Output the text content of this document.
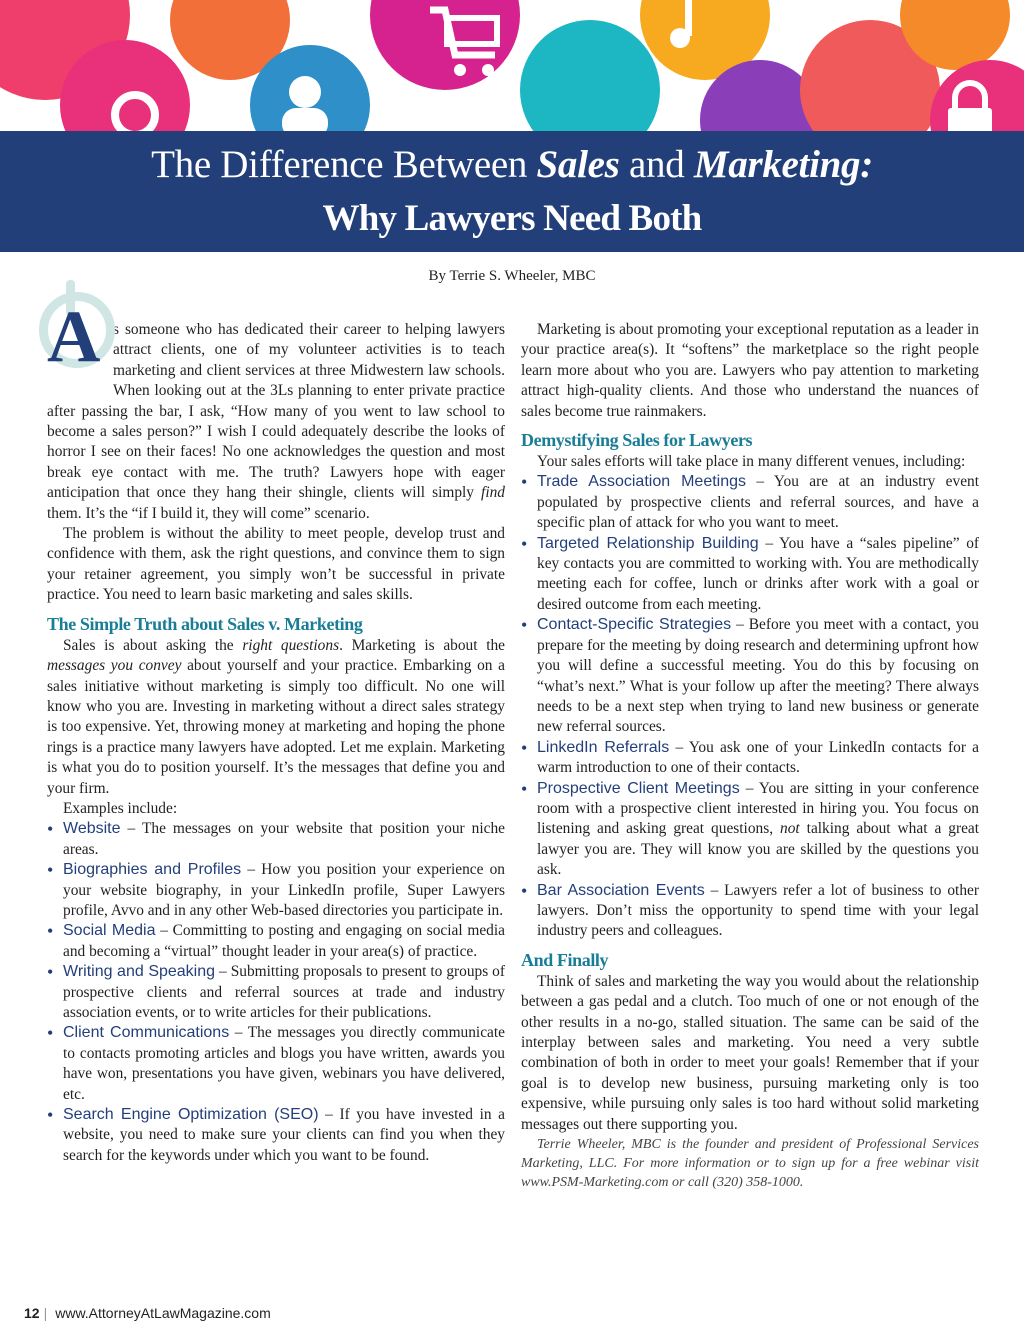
The Difference Between Sales and Marketing:
Why Lawyers Need Both
By Terrie S. Wheeler, MBC

A s someone who has dedicated their career to helping lawyers attract clients, one of my volunteer activities is to teach marketing and client services at three Midwestern law schools. When looking out at the 3Ls planning to enter private practice after passing the bar, I ask, “How many of you went to law school to become a sales person?” I wish I could adequately describe the looks of horror I see on their faces! No one acknowledges the question and most break eye contact with me. The truth? Lawyers hope with eager anticipation that once they hang their shingle, clients will simply find them. It’s the “if I build it, they will come” scenario.

The problem is without the ability to meet people, develop trust and confidence with them, ask the right questions, and convince them to sign your retainer agreement, you simply won’t be successful in private practice. You need to learn basic marketing and sales skills.

The Simple Truth about Sales v. Marketing

Sales is about asking the right questions. Marketing is about the messages you convey about yourself and your practice. Embarking on a sales initiative without marketing is simply too difficult. No one will know who you are. Investing in marketing without a direct sales strategy is too expensive. Yet, throwing money at marketing and hoping the phone rings is a practice many lawyers have adopted. Let me explain. Marketing is what you do to position yourself. It’s the messages that define you and your firm.

Examples include:

• Website – The messages on your website that position your niche areas.
• Biographies and Profiles – How you position your experience on your website biography, in your LinkedIn profile, Super Lawyers profile, Avvo and in any other Web-based directories you participate in.
• Social Media – Committing to posting and engaging on social media and becoming a “virtual” thought leader in your area(s) of practice.
• Writing and Speaking – Submitting proposals to present to groups of prospective clients and referral sources at trade and industry association events, or to write articles for their publications.
• Client Communications – The messages you directly communicate to contacts promoting articles and blogs you have written, awards you have won, presentations you have given, webinars you have delivered, etc.
• Search Engine Optimization (SEO) – If you have invested in a website, you need to make sure your clients can find you when they search for the keywords under which you want to be found.

Marketing is about promoting your exceptional reputation as a leader in your practice area(s). It “softens” the marketplace so the right people learn more about who you are. Lawyers who pay attention to marketing attract high-quality clients. And those who understand the nuances of sales become true rainmakers.

Demystifying Sales for Lawyers

Your sales efforts will take place in many different venues, including:

• Trade Association Meetings – You are at an industry event populated by prospective clients and referral sources, and have a specific plan of attack for who you want to meet.
• Targeted Relationship Building – You have a “sales pipeline” of key contacts you are committed to working with. You are methodically meeting each for coffee, lunch or drinks after work with a goal or desired outcome from each meeting.
• Contact-Specific Strategies – Before you meet with a contact, you prepare for the meeting by doing research and determining upfront how you will define a successful meeting. You do this by focusing on “what’s next.” What is your follow up after the meeting? There always needs to be a next step when trying to land new business or generate new referral sources.
• LinkedIn Referrals – You ask one of your LinkedIn contacts for a warm introduction to one of their contacts.
• Prospective Client Meetings – You are sitting in your conference room with a prospective client interested in hiring you. You focus on listening and asking great questions, not talking about what a great lawyer you are. They will know you are skilled by the questions you ask.
• Bar Association Events – Lawyers refer a lot of business to other lawyers. Don’t miss the opportunity to spend time with your legal industry peers and colleagues.
And Finally

Think of sales and marketing the way you would about the relationship between a gas pedal and a clutch. Too much of one or not enough of the other results in a no-go, stalled situation. The same can be said of the interplay between sales and marketing. You need a very subtle combination of both in order to meet your goals! Remember that if your goal is to develop new business, pursuing marketing only is too expensive, while pursuing only sales is too hard without solid marketing messages out there supporting you.

Terrie Wheeler, MBC is the founder and president of Professional Services Marketing, LLC. For more information or to sign up for a free webinar visit www.PSM-Marketing.com or call (320) 358-1000.

12 | www.AttorneyAtLawMagazine.com
